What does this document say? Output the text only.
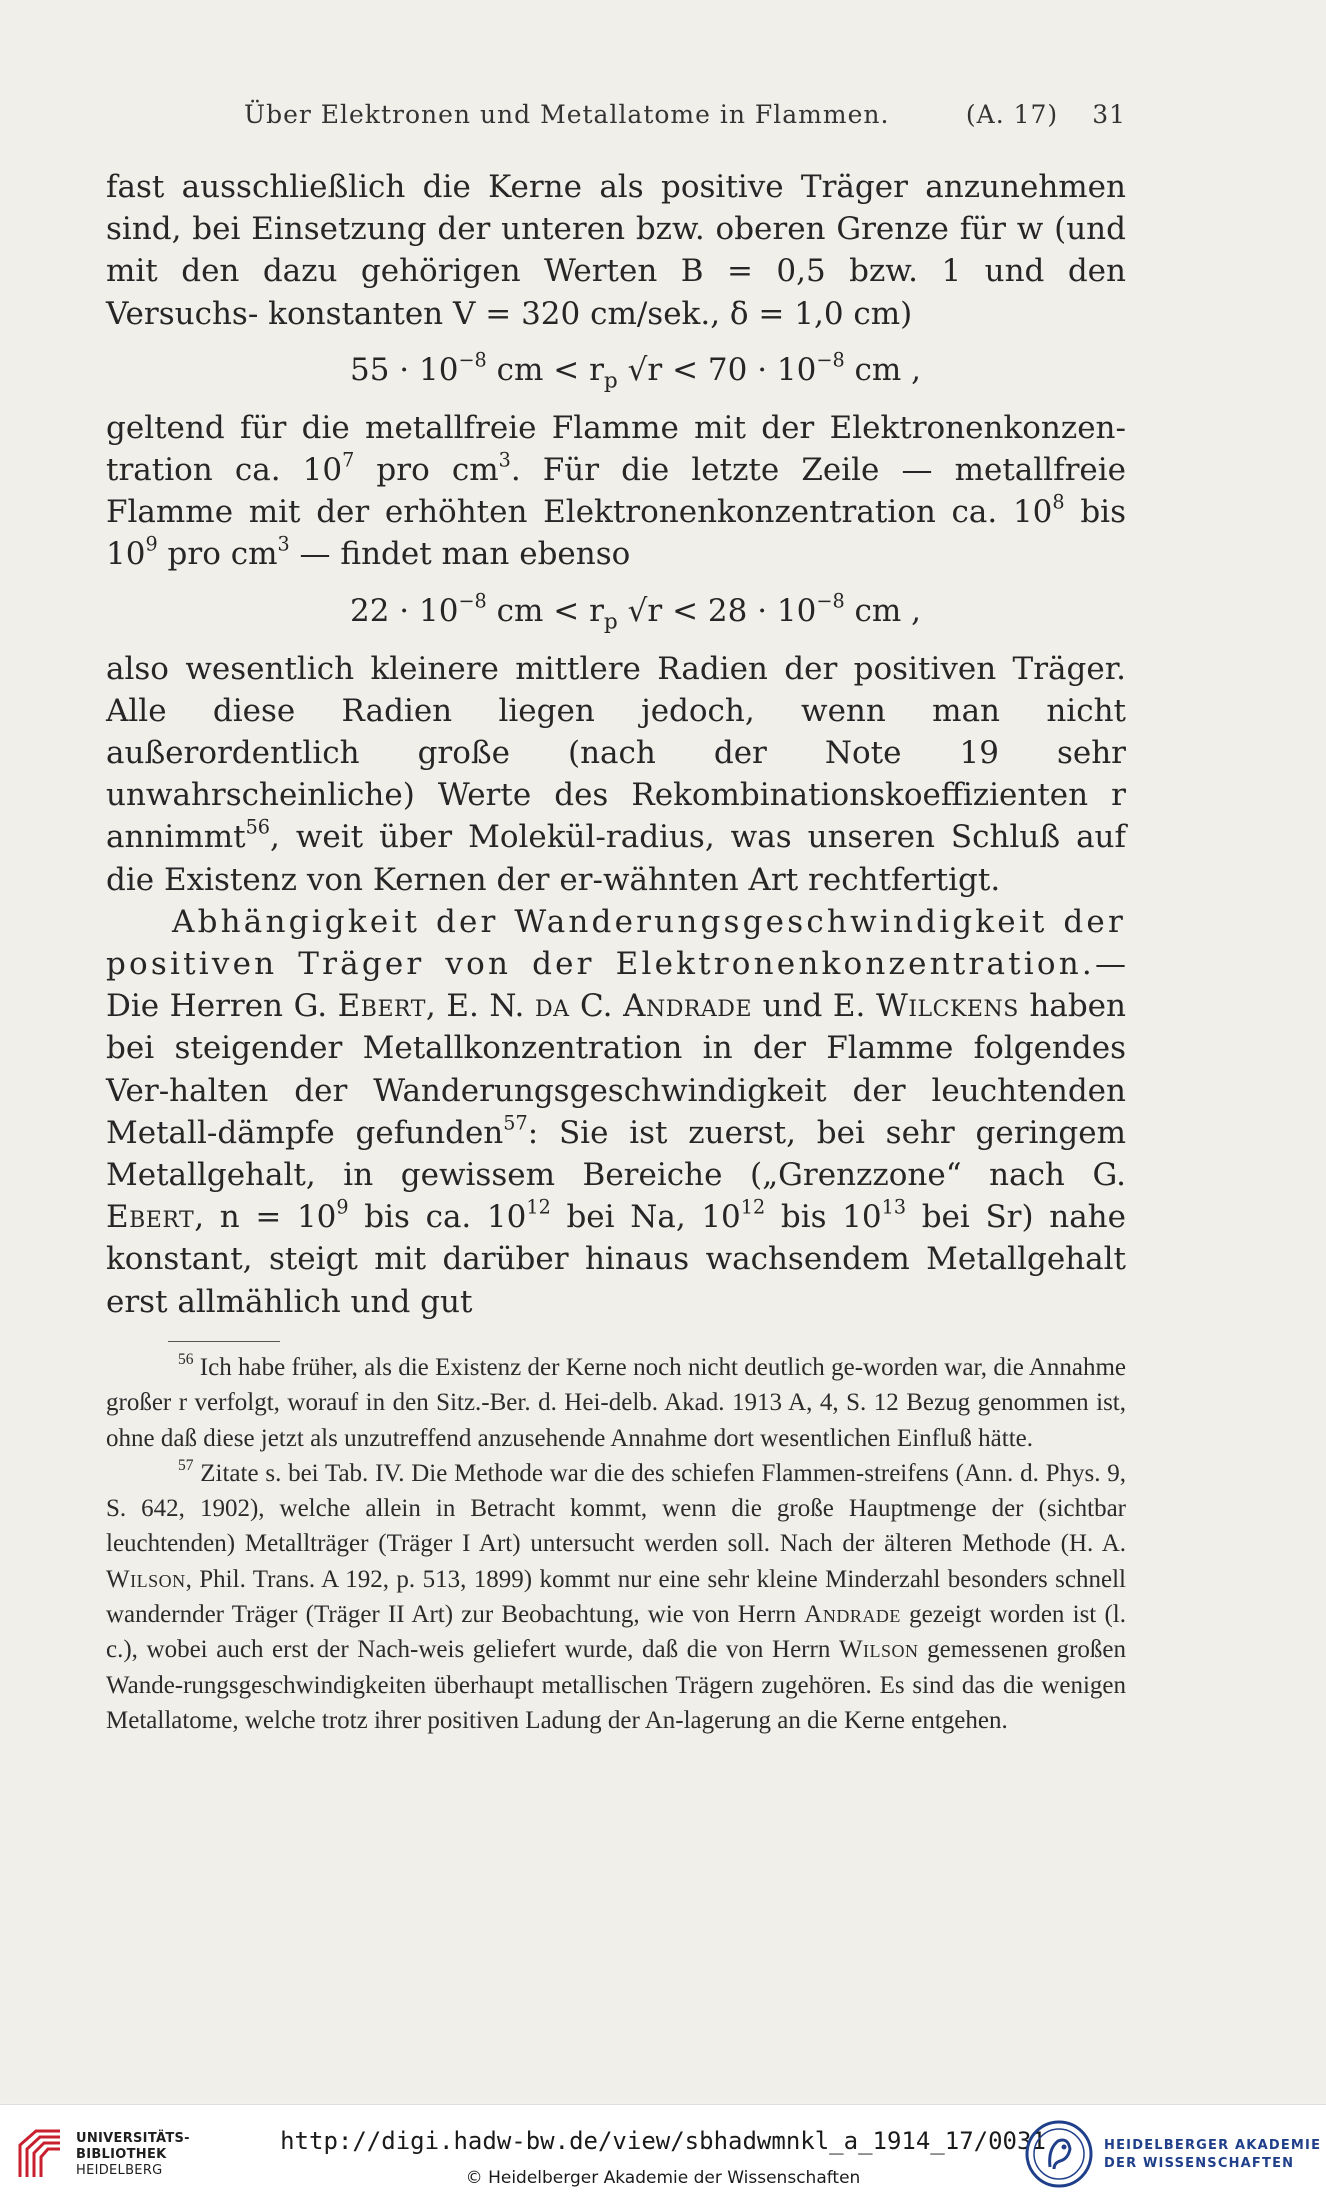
Über Elektronen und Metallatome in Flammen.	(A. 17) 31

fast ausschließlich die Kerne als positive Träger anzunehmen sind, bei Einsetzung der unteren bzw. oberen Grenze für w (und mit den dazu gehörigen Werten B = 0,5 bzw. 1 und den Versuchs- konstanten V = 320 cm/sek., δ = 1,0 cm)

$55 \cdot 10^{-8}$ cm < $r_p$ $√r < 70 \cdot 10^{-8}$ cm ,

geltend für die metallfreie Flamme mit der Elektronenkonzen-tration ca. $10^7$ pro $cm^3$. Für die letzte Zeile — metallfreie Flamme mit der erhöhten Elektronenkonzentration ca. $10^8$ bis $10^9$ pro $cm^3$ — findet man ebenso

$22 \cdot 10^{-8}$ cm < $r_p$ $√r < 28 \cdot 10^{-8}$ cm ,

also wesentlich kleinere mittlere Radien der positiven Träger. Alle diese Radien liegen jedoch, wenn man nicht außerordentlich große (nach der Note 19 sehr unwahrscheinliche) Werte des Rekombinationskoeffizienten r annimmt$^{56}$, weit über Molekül-radius, was unseren Schluß auf die Existenz von Kernen der er-wähnten Art rechtfertigt.

Abhängigkeit der Wanderungsgeschwindigkeit der positiven Träger von der Elektronenkonzentration.—Die Herren G. Ebert, E. N. da C. Andrade und E. Wilckens haben bei steigender Metallkonzentration in der Flamme folgendes Ver-halten der Wanderungsgeschwindigkeit der leuchtenden Metall-dämpfe gefunden$^{57}$: Sie ist zuerst, bei sehr geringem Metallgehalt, in gewissem Bereiche („Grenzzone“ nach G. Ebert, $n = 10^9$ bis ca. $10^{12}$ bei Na, $10^{12}$ bis $10^{13}$ bei Sr) nahe konstant, steigt mit darüber hinaus wachsendem Metallgehalt erst allmählich und gut

$^{56}$ Ich habe früher, als die Existenz der Kerne noch nicht deutlich ge-worden war, die Annahme großer r verfolgt, worauf in den Sitz.-Ber. d. Hei-delb. Akad. 1913 A, 4, S. 12 Bezug genommen ist, ohne daß diese jetzt als unzutreffend anzusehende Annahme dort wesentlichen Einfluß hätte.

$^{57}$ Zitate s. bei Tab. IV. Die Methode war die des schiefen Flammen-streifens (Ann. d. Phys. 9, S. 642, 1902), welche allein in Betracht kommt, wenn die große Hauptmenge der (sichtbar leuchtenden) Metallträger (Träger I Art) untersucht werden soll. Nach der älteren Methode (H. A. Wilson, Phil. Trans. A 192, p. 513, 1899) kommt nur eine sehr kleine Minderzahl besonders schnell wandernder Träger (Träger II Art) zur Beobachtung, wie von Herrn Andrade gezeigt worden ist (l. c.), wobei auch erst der Nach-weis geliefert wurde, daß die von Herrn Wilson gemessenen großen Wande-rungsgeschwindigkeiten überhaupt metallischen Trägern zugehören. Es sind das die wenigen Metallatome, welche trotz ihrer positiven Ladung der An-lagerung an die Kerne entgehen.

UNIVERSITÄTS-
BIBLIOTHEK
HEIDELBERG
http://digi.hadw-bw.de/view/sbhadwmnkl_a_1914_17/0031
© Heidelberger Akademie der Wissenschaften
HEIDELBERGER AKADEMIE
DER WISSENSCHAFTEN
